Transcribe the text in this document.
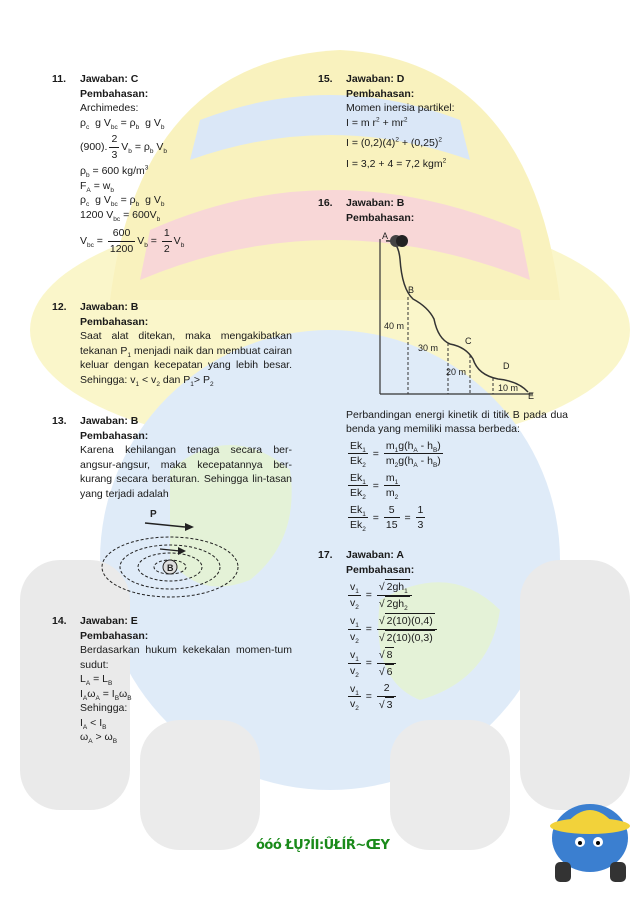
11. Jawaban: C
Pembahasan:
Archimedes:
$\rho_c$  g $V_{bc} = \rho_b$  g $V_b$
(900). $\frac{2}{3} V_b = \rho_b$ $V_b$
$\rho_b = 600$ $kg/m^3$
$F_A = w_b$
$\rho_c$  g $V_{bc} = \rho_b$  g $V_b$
1200 $V_{bc} = 600V_b$
$V_{bc} = \frac{600}{1200} V_b = \frac{1}{2} V_b$
12. Jawaban: B
Pembahasan:
Saat alat ditekan, maka mengakibatkan tekanan $P_1$ menjadi naik dan membuat cairan keluar dengan kecepatan yang lebih besar. Sehingga: $v_1 < v_2$ dan $P_1> P_2$
13. Jawaban: B
Pembahasan:
Karena kehilangan tenaga secara ber-angsur-angsur, maka kecepatannya ber-kurang secara beraturan. Sehingga lin-tasan yang terjadi adalah
P
B
14. Jawaban: E
Pembahasan:
Berdasarkan hukum kekekalan momen-tum sudut:
$L_A = L_B$
$I_A\omega_A = I_B\omega_B$
Sehingga:
$I_A < I_B$
$\omega_A > \omega_B$
15. Jawaban: D
Pembahasan:
Momen inersia partikel:
I = m $r^2 + mr^2$
$I = (0,2)(4)^2 + (0,25)^2$
I = 3,2 + 4 = 7,2 kgm$^2$
16. Jawaban: B
Pembahasan:
A
B
C
D
E
40 m
30 m
20 m
10 m
Perbandingan energi kinetik di titik B pada dua benda yang memiliki massa berbeda:
$\frac{Ek_1}{Ek_2} = \frac{m_1g(h_A - h_B)}{m_2g(h_A - h_B)}$
$\frac{Ek_1}{Ek_2} = \frac{m_1}{m_2}$
$\frac{Ek_1}{Ek_2} = \frac{5}{15} = \frac{1}{3}$
17. Jawaban: A
Pembahasan:
$\frac{v_1}{v_2} = \frac{√ 2gh_1}{√ 2gh_2}$
$\frac{v_1}{v_2} = \frac{√ 2(10)(0,4)}{√ 2(10)(0,3)}$
$\frac{v_1}{v_2} = \frac{√ 8}{√ 6}$
$\frac{v_1}{v_2} = \frac{2}{√ 3}$
óóó ŁŲ?ÍI:ÛŁÍŔ~ŒY
